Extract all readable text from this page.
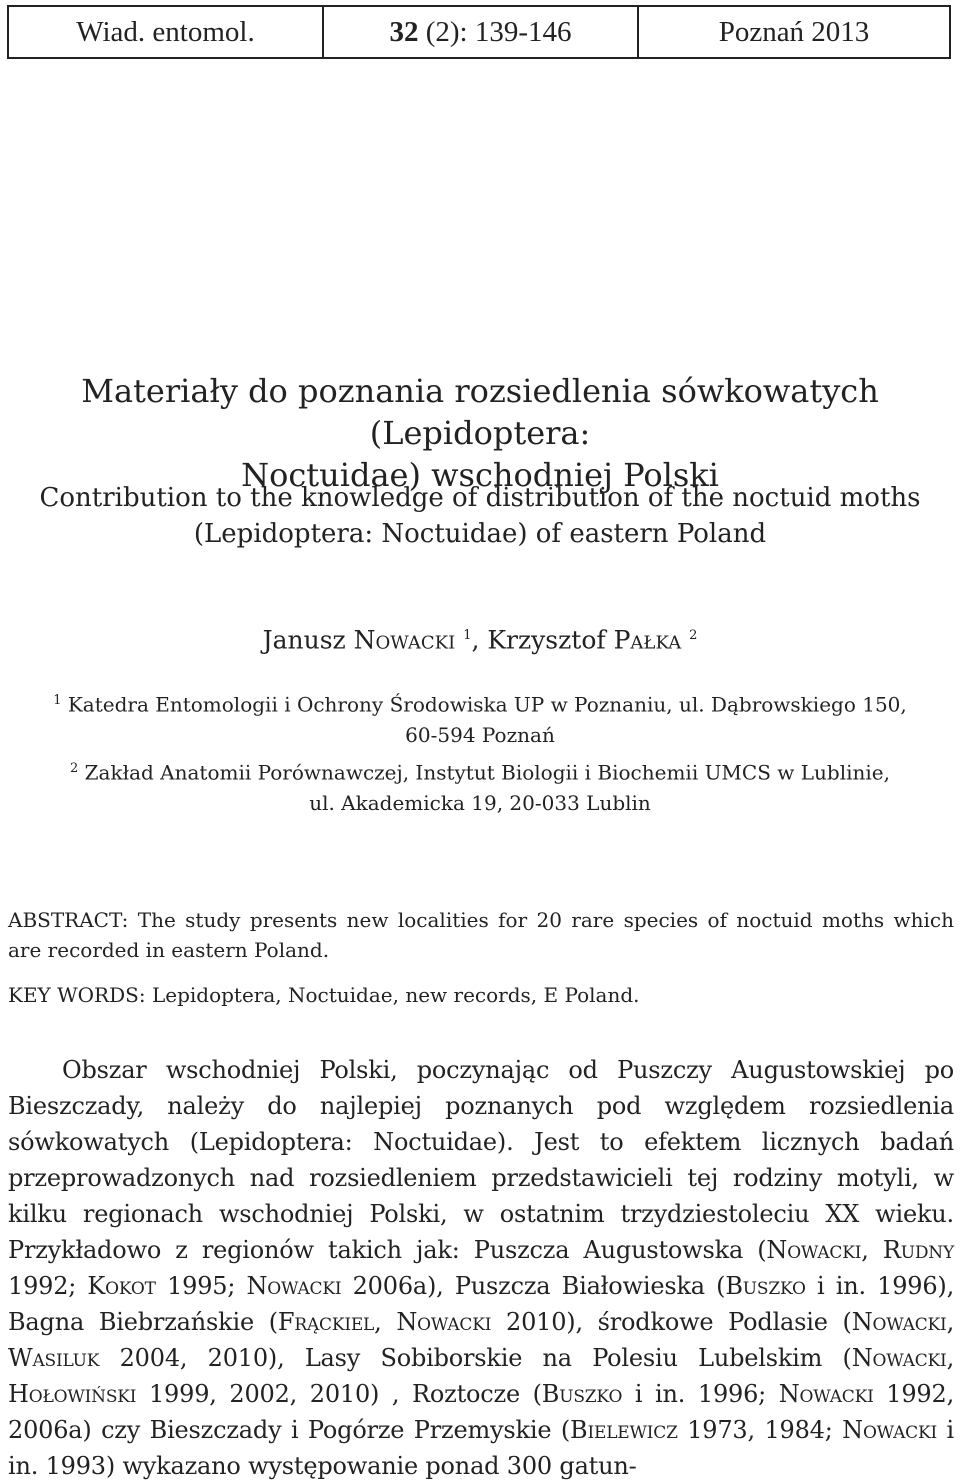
Wiad. entomol.	32
(2): 139-146	Poznań 2013
Materiały do poznania rozsiedlenia sówkowatych (Lepidoptera:
Noctuidae) wschodniej Polski
Contribution to the knowledge of distribution of the noctuid moths
(Lepidoptera: Noctuidae) of eastern Poland
Janusz Nowacki $^1$, Krzysztof Pałka $^2$
$^1$ Katedra Entomologii i Ochrony Środowiska UP w Poznaniu, ul. Dąbrowskiego 150,
60-594 Poznań
$^2$ Zakład Anatomii Porównawczej, Instytut Biologii i Biochemii UMCS w Lublinie,
ul. Akademicka 19, 20-033 Lublin
ABSTRACT: The study presents new localities for 20 rare species of noctuid moths which are recorded in eastern Poland.
KEY WORDS: Lepidoptera, Noctuidae, new records, E Poland.

Obszar wschodniej Polski, poczynając od Puszczy Augustowskiej po Bieszczady, należy do najlepiej poznanych pod względem rozsiedlenia sówkowatych (Lepidoptera: Noctuidae). Jest to efektem licznych badań przeprowadzonych nad rozsiedleniem przedstawicieli tej rodziny motyli, w kilku regionach wschodniej Polski, w ostatnim trzydziestoleciu XX wieku. Przykładowo z regionów takich jak: Puszcza Augustowska (Nowacki, Rudny 1992; Kokot 1995; Nowacki 2006a), Puszcza Białowieska (Buszko i in. 1996), Bagna Biebrzańskie (Frąckiel, Nowacki 2010), środkowe Podlasie (Nowacki, Wasiluk 2004, 2010), Lasy Sobiborskie na Polesiu Lubelskim (Nowacki, Hołowiński 1999, 2002, 2010) , Roztocze (Buszko i in. 1996; Nowacki 1992, 2006a) czy Bieszczady i Pogórze Przemyskie (Bielewicz 1973, 1984; Nowacki i in. 1993) wykazano występowanie ponad 300 gatun-
